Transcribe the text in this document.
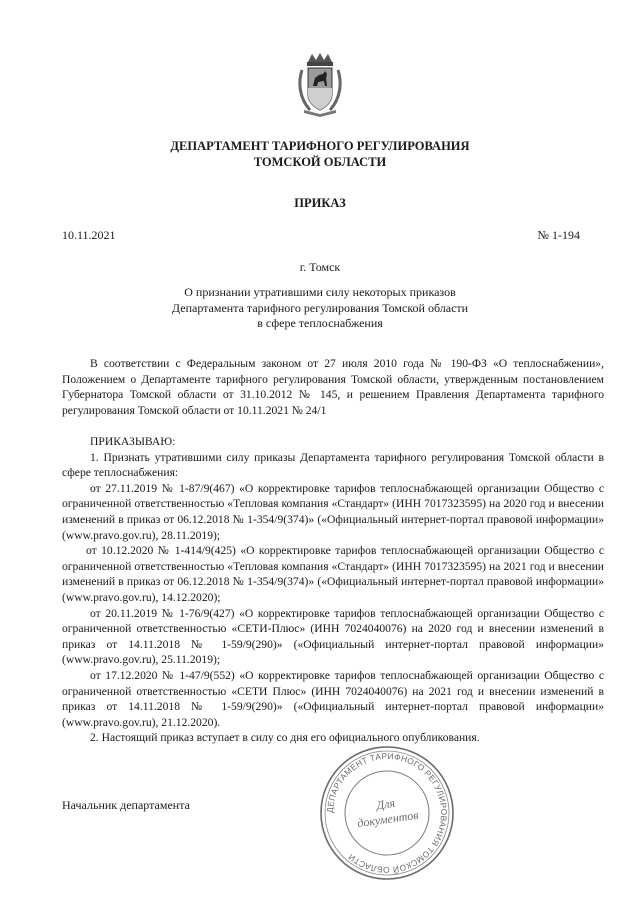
ДЕПАРТАМЕНТ ТАРИФНОГО РЕГУЛИРОВАНИЯ
ТОМСКОЙ ОБЛАСТИ
ПРИКАЗ
10.11.2021	№ 1-194
г. Томск
О признании утратившими силу некоторых приказов
Департамента тарифного регулирования Томской области
в сфере теплоснабжения

В соответствии с Федеральным законом от 27 июля 2010 года № 190-ФЗ «О теплоснабжении», Положением о Департаменте тарифного регулирования Томской области, утвержденным постановлением Губернатора Томской области от 31.10.2012 № 145, и решением Правления Департамента тарифного регулирования Томской области от 10.11.2021 № 24/1

ПРИКАЗЫВАЮ:

1. Признать утратившими силу приказы Департамента тарифного регулирования Томской области в сфере теплоснабжения:

от 27.11.2019 № 1-87/9(467) «О корректировке тарифов теплоснабжающей организации Общество с ограниченной ответственностью «Тепловая компания «Стандарт» (ИНН 7017323595) на 2020 год и внесении изменений в приказ от 06.12.2018 № 1-354/9(374)» («Официальный интернет-портал правовой информации» (www.pravo.gov.ru), 28.11.2019);

от 10.12.2020 № 1-414/9(425) «О корректировке тарифов теплоснабжающей организации Общество с ограниченной ответственностью «Тепловая компания «Стандарт» (ИНН 7017323595) на 2021 год и внесении изменений в приказ от 06.12.2018 № 1-354/9(374)» («Официальный интернет-портал правовой информации» (www.pravo.gov.ru), 14.12.2020);

от 20.11.2019 № 1-76/9(427) «О корректировке тарифов теплоснабжающей организации Общество с ограниченной ответственностью «СЕТИ-Плюс» (ИНН 7024040076) на 2020 год и внесении изменений в приказ от 14.11.2018 № 1-59/9(290)» («Официальный интернет-портал правовой информации» (www.pravo.gov.ru), 25.11.2019);

от 17.12.2020 № 1-47/9(552) «О корректировке тарифов теплоснабжающей организации Общество с ограниченной ответственностью «СЕТИ Плюс» (ИНН 7024040076) на 2021 год и внесении изменений в приказ от 14.11.2018 № 1-59/9(290)» («Официальный интернет-портал правовой информации» (www.pravo.gov.ru), 21.12.2020).

2. Настоящий приказ вступает в силу со дня его официального опубликования.

Начальник департамента	ДЕПАРТАМЕНТ ТАРИФНОГО РЕГУЛИРОВАНИЯ ТОМСКОЙ ОБЛАСТИ
Для
документов
